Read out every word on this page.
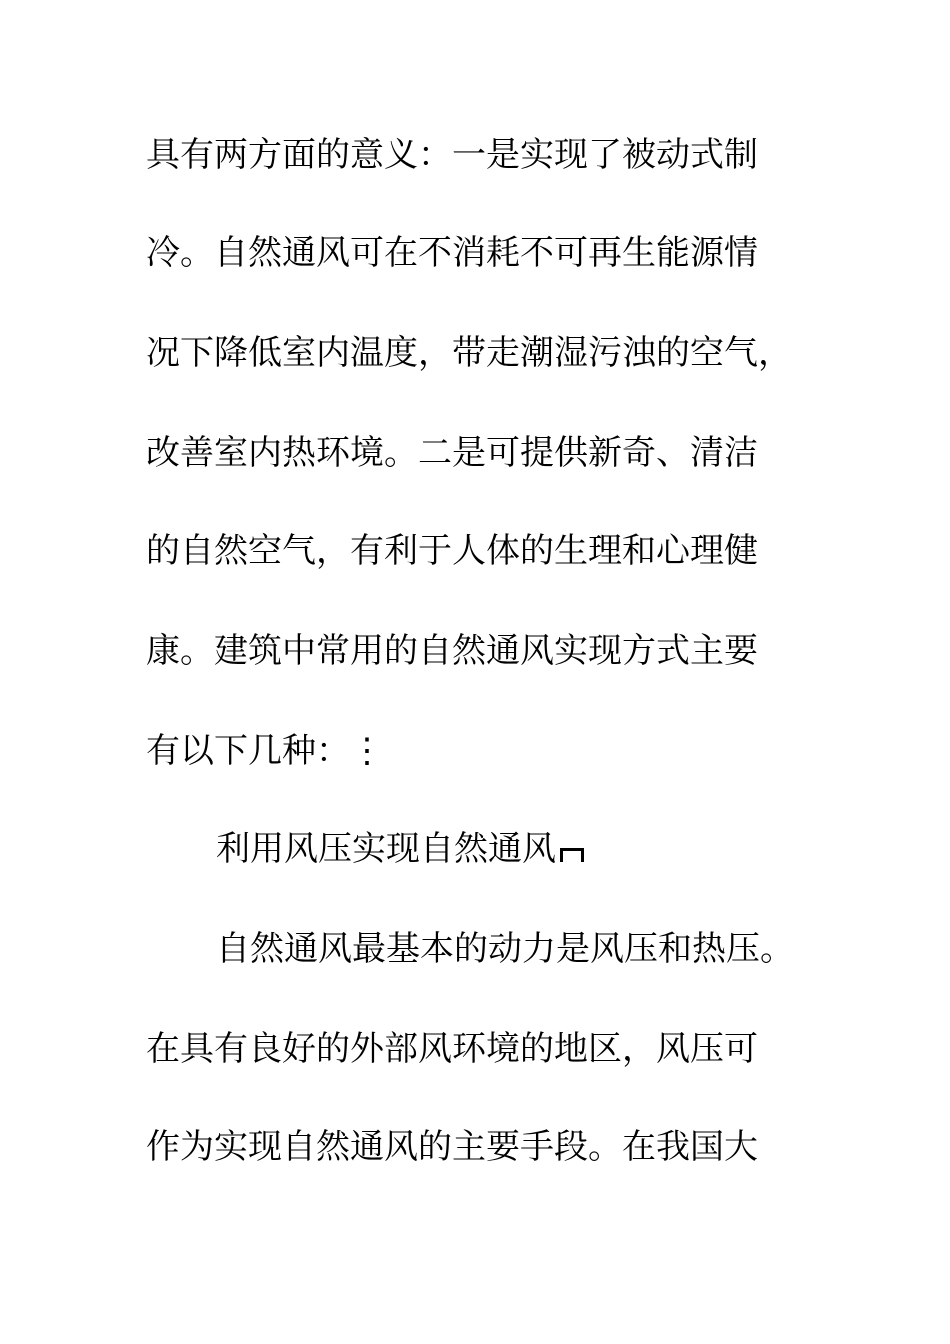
具有两方面的意义：一是实现了被动式制
冷。自然通风可在不消耗不可再生能源情
况下降低室内温度，带走潮湿污浊的空气，
改善室内热环境。二是可提供新奇、清洁
的自然空气，有利于人体的生理和心理健
康。建筑中常用的自然通风实现方式主要
有以下几种：⋮
利用风压实现自然通风
自然通风最基本的动力是风压和热压。
在具有良好的外部风环境的地区，风压可
作为实现自然通风的主要手段。在我国大
